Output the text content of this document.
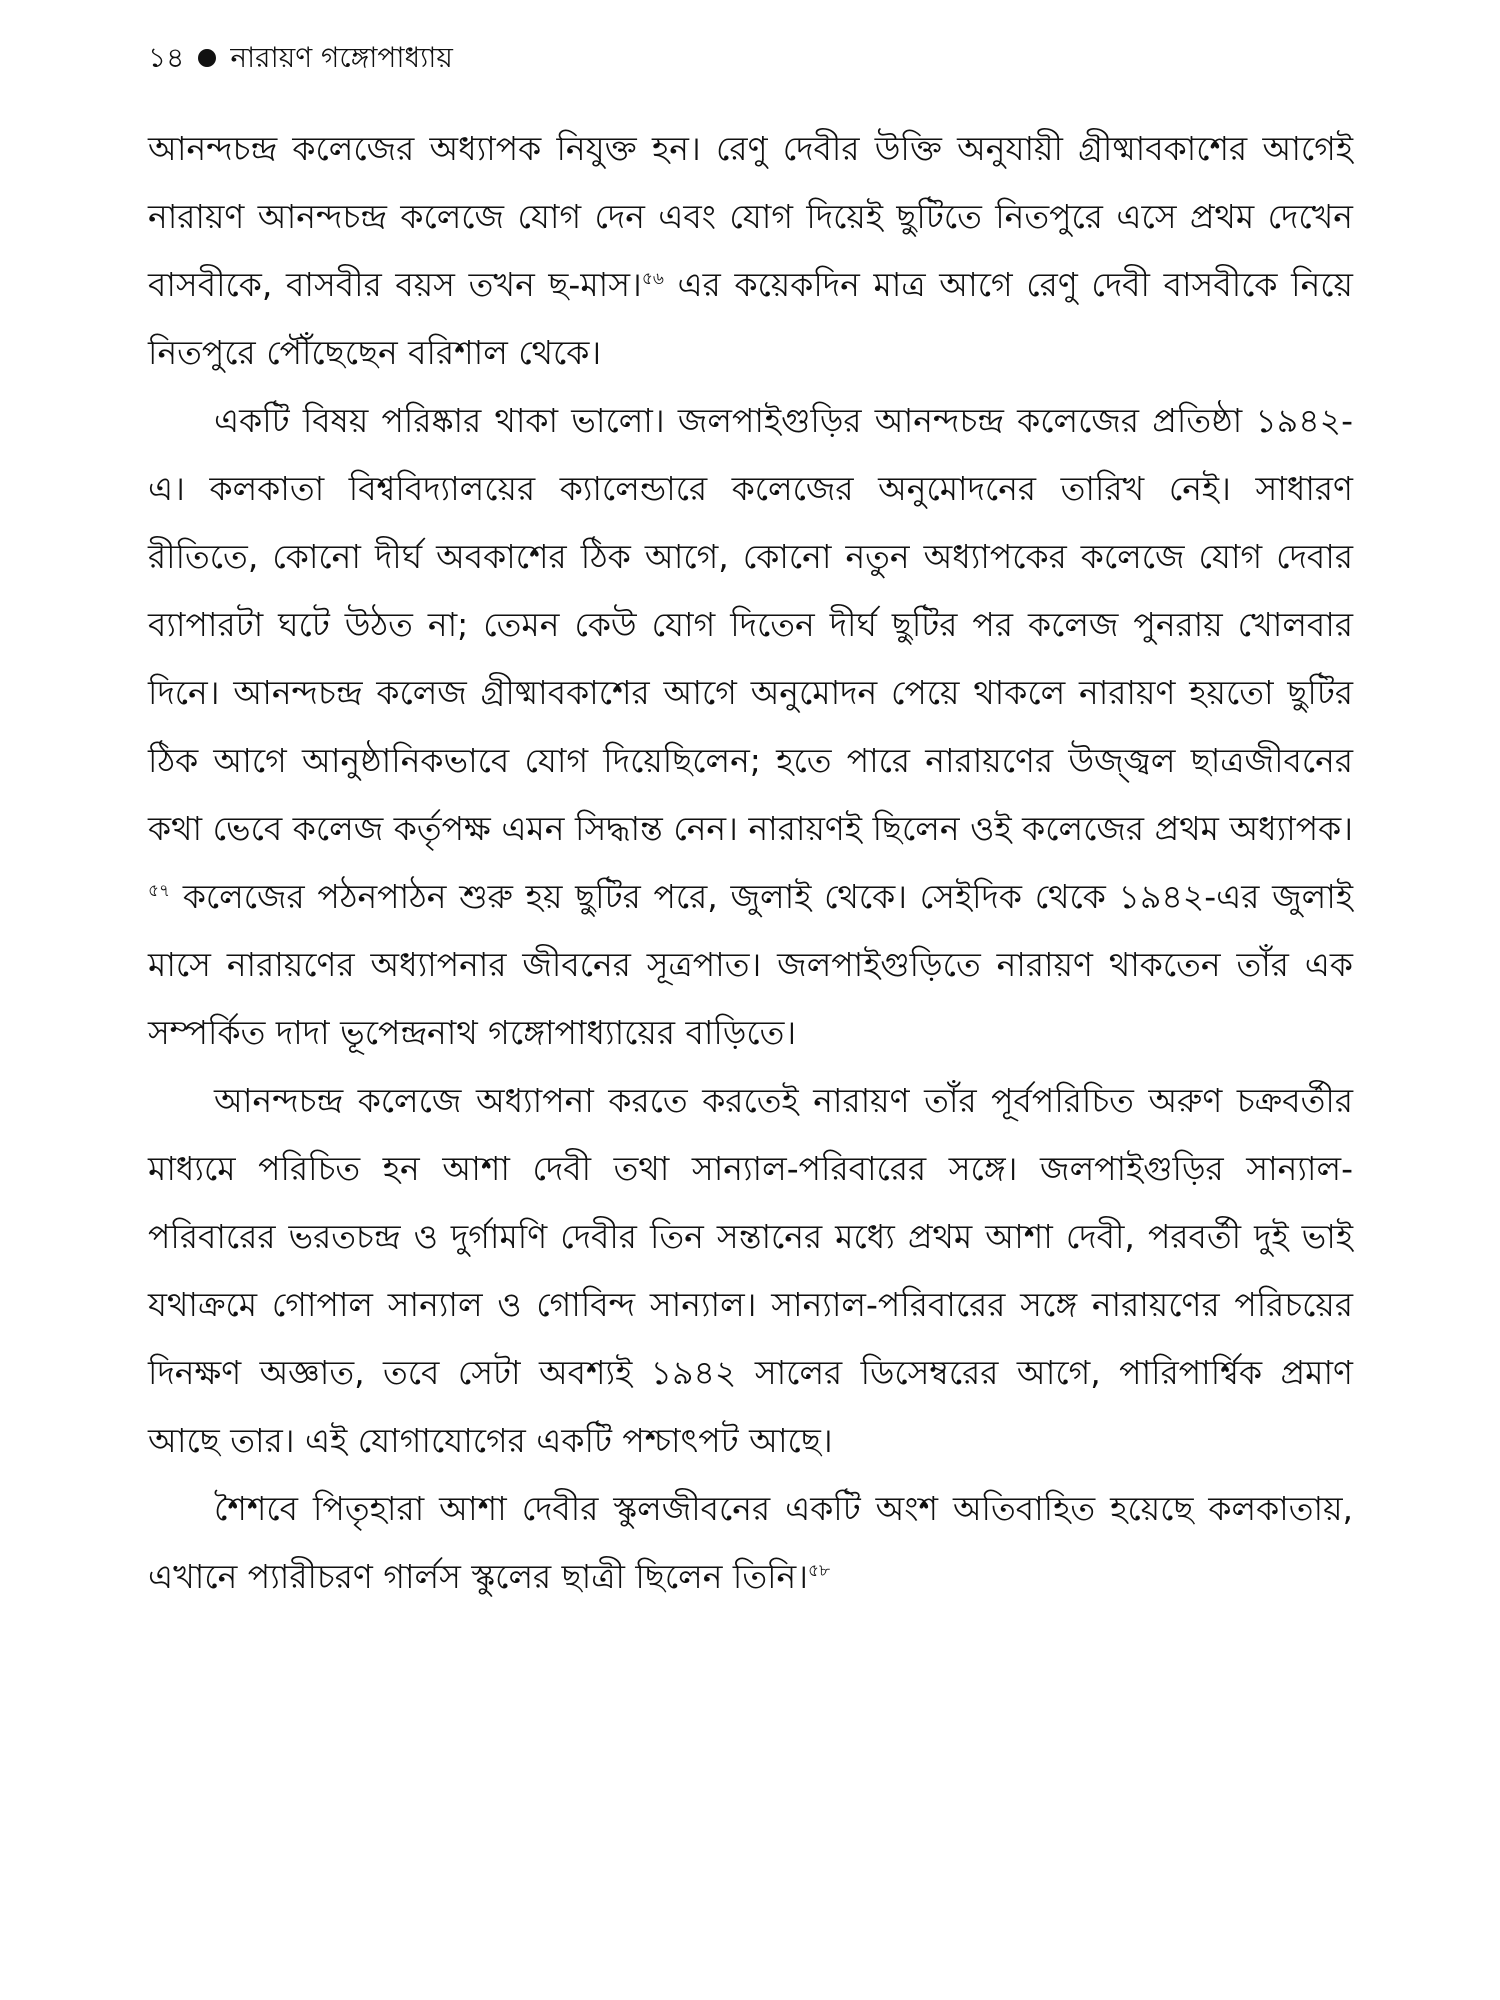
১৪ নারায়ণ গঙ্গোপাধ্যায়

আনন্দচন্দ্র কলেজের অধ্যাপক নিযুক্ত হন। রেণু দেবীর উক্তি অনুযায়ী গ্রীষ্মাবকাশের আগেই নারায়ণ আনন্দচন্দ্র কলেজে যোগ দেন এবং যোগ দিয়েই ছুটিতে নিতপুরে এসে প্রথম দেখেন বাসবীকে, বাসবীর বয়স তখন ছ-মাস।$^{৫৬}$ এর কয়েকদিন মাত্র আগে রেণু দেবী বাসবীকে নিয়ে নিতপুরে পৌঁছেছেন বরিশাল থেকে।

একটি বিষয় পরিষ্কার থাকা ভালো। জলপাইগুড়ির আনন্দচন্দ্র কলেজের প্রতিষ্ঠা ১৯৪২-এ। কলকাতা বিশ্ববিদ্যালয়ের ক্যালেন্ডারে কলেজের অনুমোদনের তারিখ নেই। সাধারণ রীতিতে, কোনো দীর্ঘ অবকাশের ঠিক আগে, কোনো নতুন অধ্যাপকের কলেজে যোগ দেবার ব্যাপারটা ঘটে উঠত না; তেমন কেউ যোগ দিতেন দীর্ঘ ছুটির পর কলেজ পুনরায় খোলবার দিনে। আনন্দচন্দ্র কলেজ গ্রীষ্মাবকাশের আগে অনুমোদন পেয়ে থাকলে নারায়ণ হয়তো ছুটির ঠিক আগে আনুষ্ঠানিকভাবে যোগ দিয়েছিলেন; হতে পারে নারায়ণের উজ্জ্বল ছাত্রজীবনের কথা ভেবে কলেজ কর্তৃপক্ষ এমন সিদ্ধান্ত নেন। নারায়ণই ছিলেন ওই কলেজের প্রথম অধ্যাপক।$^{৫৭}$ কলেজের পঠনপাঠন শুরু হয় ছুটির পরে, জুলাই থেকে। সেইদিক থেকে ১৯৪২-এর জুলাই মাসে নারায়ণের অধ্যাপনার জীবনের সূত্রপাত। জলপাইগুড়িতে নারায়ণ থাকতেন তাঁর এক সম্পর্কিত দাদা ভূপেন্দ্রনাথ গঙ্গোপাধ্যায়ের বাড়িতে।

আনন্দচন্দ্র কলেজে অধ্যাপনা করতে করতেই নারায়ণ তাঁর পূর্বপরিচিত অরুণ চক্রবর্তীর মাধ্যমে পরিচিত হন আশা দেবী তথা সান্যাল-পরিবারের সঙ্গে। জলপাইগুড়ির সান্যাল-পরিবারের ভরতচন্দ্র ও দুর্গামণি দেবীর তিন সন্তানের মধ্যে প্রথম আশা দেবী, পরবর্তী দুই ভাই যথাক্রমে গোপাল সান্যাল ও গোবিন্দ সান্যাল। সান্যাল-পরিবারের সঙ্গে নারায়ণের পরিচয়ের দিনক্ষণ অজ্ঞাত, তবে সেটা অবশ্যই ১৯৪২ সালের ডিসেম্বরের আগে, পারিপার্শ্বিক প্রমাণ আছে তার। এই যোগাযোগের একটি পশ্চাৎপট আছে।

শৈশবে পিতৃহারা আশা দেবীর স্কুলজীবনের একটি অংশ অতিবাহিত হয়েছে কলকাতায়, এখানে প্যারীচরণ গার্লস স্কুলের ছাত্রী ছিলেন তিনি।$^{৫৮}$
